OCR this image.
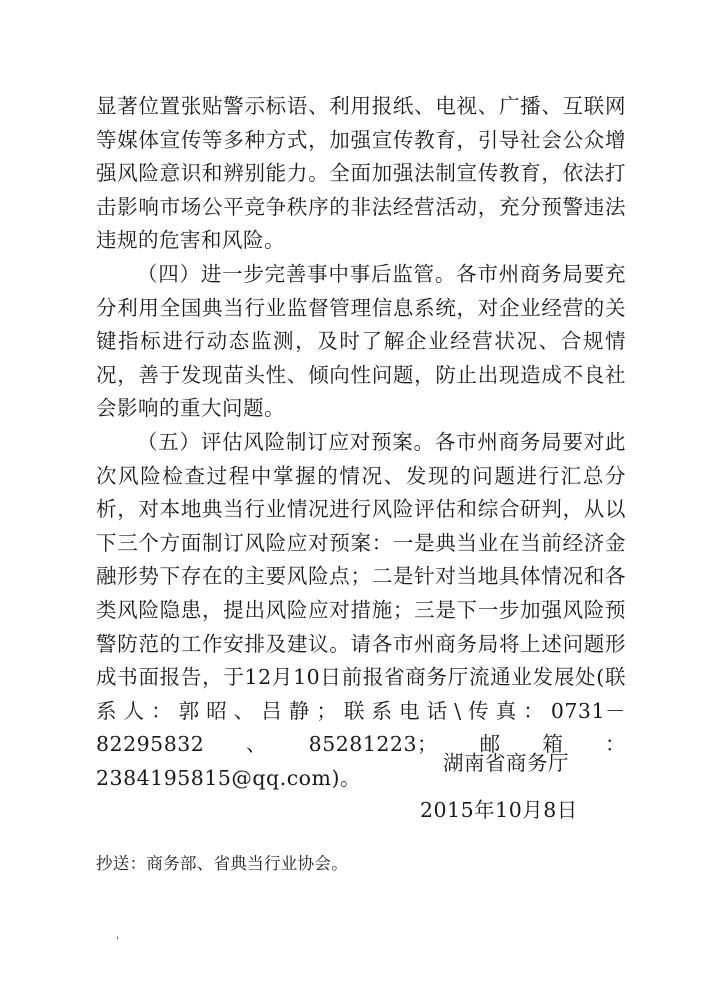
显著位置张贴警示标语、利用报纸、电视、广播、互联网等媒体宣传等多种方式，加强宣传教育，引导社会公众增强风险意识和辨别能力。全面加强法制宣传教育，依法打击影响市场公平竞争秩序的非法经营活动，充分预警违法违规的危害和风险。

（四）进一步完善事中事后监管。各市州商务局要充分利用全国典当行业监督管理信息系统，对企业经营的关键指标进行动态监测，及时了解企业经营状况、合规情况，善于发现苗头性、倾向性问题，防止出现造成不良社会影响的重大问题。

（五）评估风险制订应对预案。各市州商务局要对此次风险检查过程中掌握的情况、发现的问题进行汇总分析，对本地典当行业情况进行风险评估和综合研判，从以下三个方面制订风险应对预案：一是典当业在当前经济金融形势下存在的主要风险点；二是针对当地具体情况和各类风险隐患，提出风险应对措施；三是下一步加强风险预警防范的工作安排及建议。请各市州商务局将上述问题形成书面报告，于12月10日前报省商务厅流通业发展处(联系人：郭昭、吕静；联系电话\传真：0731－82295832、85281223；邮箱：2384195815@qq.com)。

湖南省商务厅
2015年10月8日
抄送：商务部、省典当行业协会。
'
